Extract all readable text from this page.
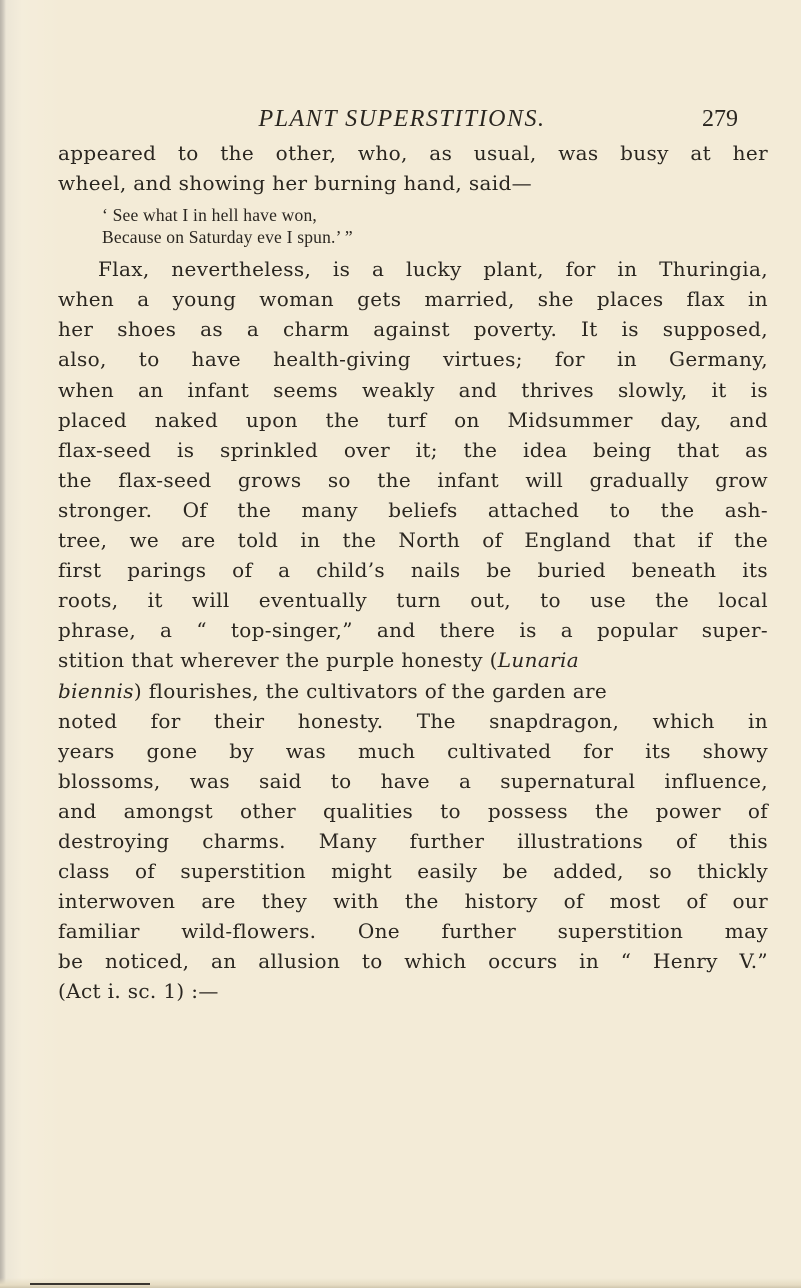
PLANT SUPERSTITIONS.	279
appeared to the other, who, as usual, was busy at her
wheel, and showing her burning hand, said—
‘ See what I in hell have won,
Because on Saturday eve I spun.’ ”
Flax, nevertheless, is a lucky plant, for in Thuringia,
when a young woman gets married, she places flax in
her shoes as a charm against poverty. It is supposed,
also, to have health-giving virtues; for in Germany,
when an infant seems weakly and thrives slowly, it is
placed naked upon the turf on Midsummer day, and
flax-seed is sprinkled over it; the idea being that as
the flax-seed grows so the infant will gradually grow
stronger. Of the many beliefs attached to the ash-
tree, we are told in the North of England that if the
first parings of a child’s nails be buried beneath its
roots, it will eventually turn out, to use the local
phrase, a “ top-singer,” and there is a popular super-
stition that wherever the purple honesty (Lunaria
biennis) flourishes, the cultivators of the garden are
noted for their honesty. The snapdragon, which in
years gone by was much cultivated for its showy
blossoms, was said to have a supernatural influence,
and amongst other qualities to possess the power of
destroying charms. Many further illustrations of this
class of superstition might easily be added, so thickly
interwoven are they with the history of most of our
familiar wild-flowers. One further superstition may
be noticed, an allusion to which occurs in “ Henry V.”
(Act i. sc. 1) :—
